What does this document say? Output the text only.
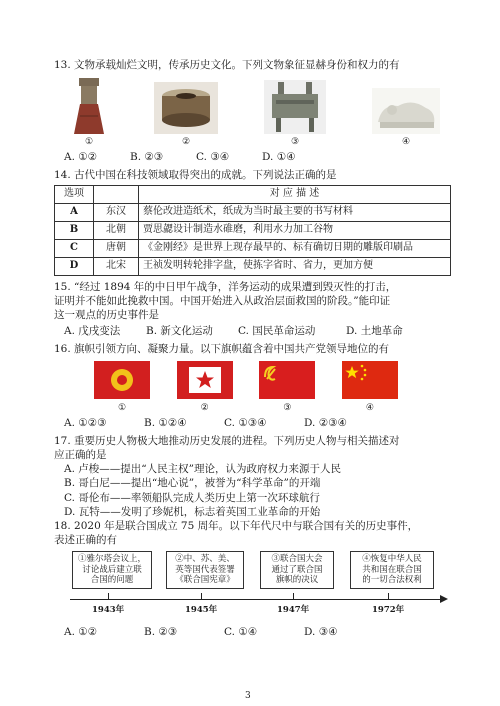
13. 文物承载灿烂文明，传承历史文化。下列文物象征显赫身份和权力的有
①	②	③	④
A. ①②	B. ②③	C. ③④	D. ①④
14. 古代中国在科技领域取得突出的成就。下列说法正确的是
选项		对 应 描 述
A	东汉	蔡伦改进造纸术，纸成为当时最主要的书写材料
B	北朝	贾思勰设计制造水碓磨，利用水力加工谷物
C	唐朝	《金刚经》是世界上现存最早的、标有确切日期的雕版印刷品
D	北宋	王祯发明转轮排字盘，使拣字省时、省力，更加方便
15. “经过 1894 年的中日甲午战争，洋务运动的成果遭到毁灭性的打击，
证明并不能如此挽救中国。中国开始进入从政治层面救国的阶段。”能印证
这一观点的历史事件是
A. 戊戌变法	B. 新文化运动	C. 国民革命运动	D. 土地革命
16. 旗帜引领方向、凝聚力量。以下旗帜蕴含着中国共产党领导地位的有
①	②	③	④
A. ①②③	B. ①②④	C. ①③④	D. ②③④
17. 重要历史人物极大地推动历史发展的进程。下列历史人物与相关描述对
应正确的是
A. 卢梭——提出“人民主权”理论，认为政府权力来源于人民
B. 哥白尼——提出“地心说”，被誉为“科学革命”的开端
C. 哥伦布——率领船队完成人类历史上第一次环球航行
D. 瓦特——发明了珍妮机，标志着英国工业革命的开始
18. 2020 年是联合国成立 75 周年。以下年代尺中与联合国有关的历史事件，
表述正确的有
①雅尔塔会议上，
讨论战后建立联
合国的问题
②中、苏、美、
英等国代表签署
《联合国宪章》
③联合国大会
通过了联合国
旗帜的决议
④恢复中华人民
共和国在联合国
的一切合法权利
1943年	1945年	1947年	1972年
A. ①②	B. ②③	C. ①④	D. ③④
3
